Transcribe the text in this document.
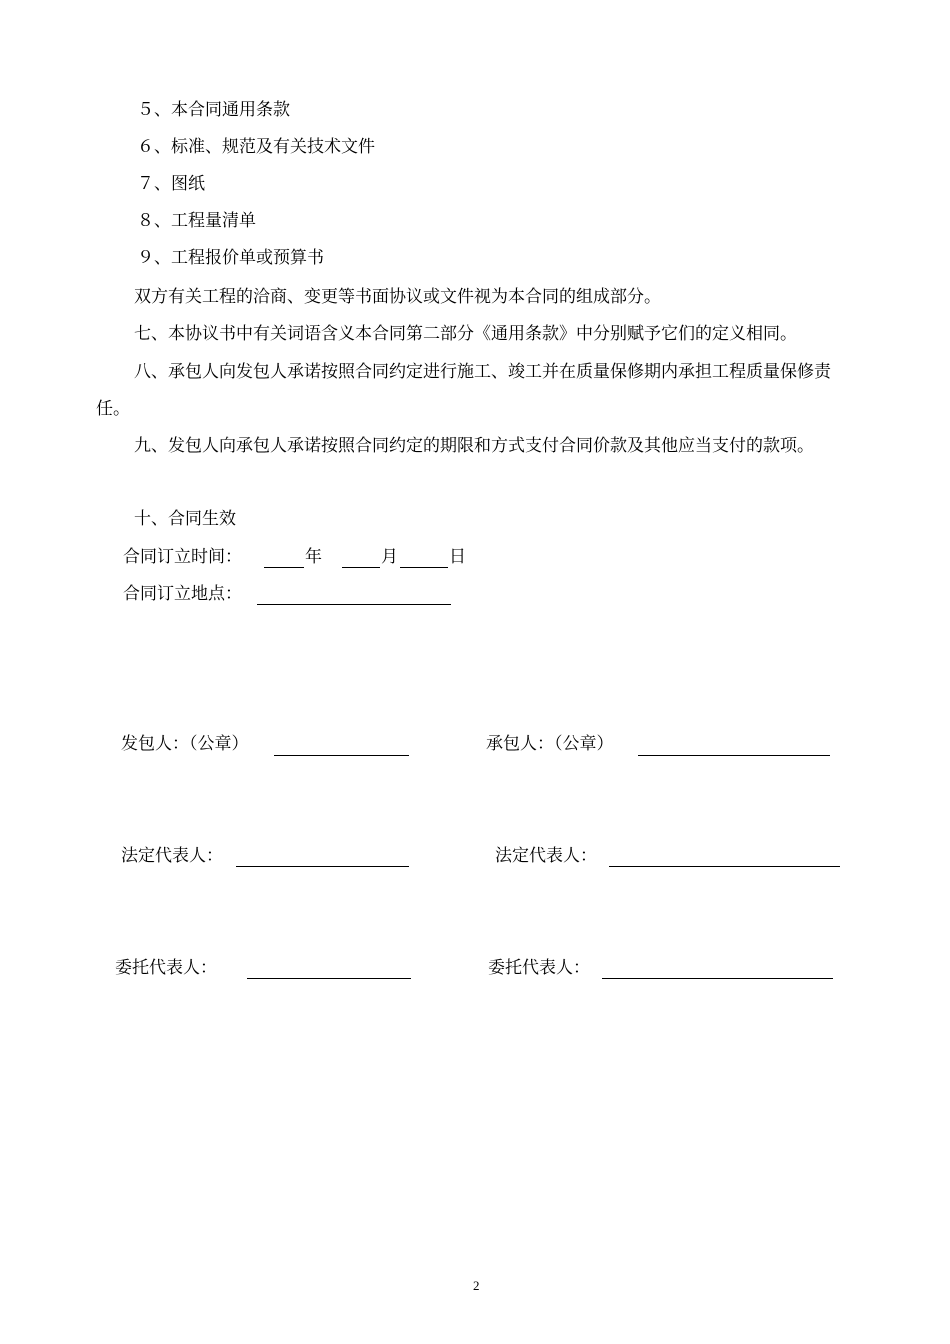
５、本合同通用条款
６、标准、规范及有关技术文件
７、图纸
８、工程量清单
９、工程报价单或预算书
双方有关工程的洽商、变更等书面协议或文件视为本合同的组成部分。
七、本协议书中有关词语含义本合同第二部分《通用条款》中分别赋予它们的定义相同。
八、承包人向发包人承诺按照合同约定进行施工、竣工并在质量保修期内承担工程质量保修责任。
九、发包人向承包人承诺按照合同约定的期限和方式支付合同价款及其他应当支付的款项。
十、合同生效
合同订立时间：	年	月	日
合同订立地点：
发包人：（公章）	承包人：（公章）
法定代表人：	法定代表人：
委托代表人：	委托代表人：
2
